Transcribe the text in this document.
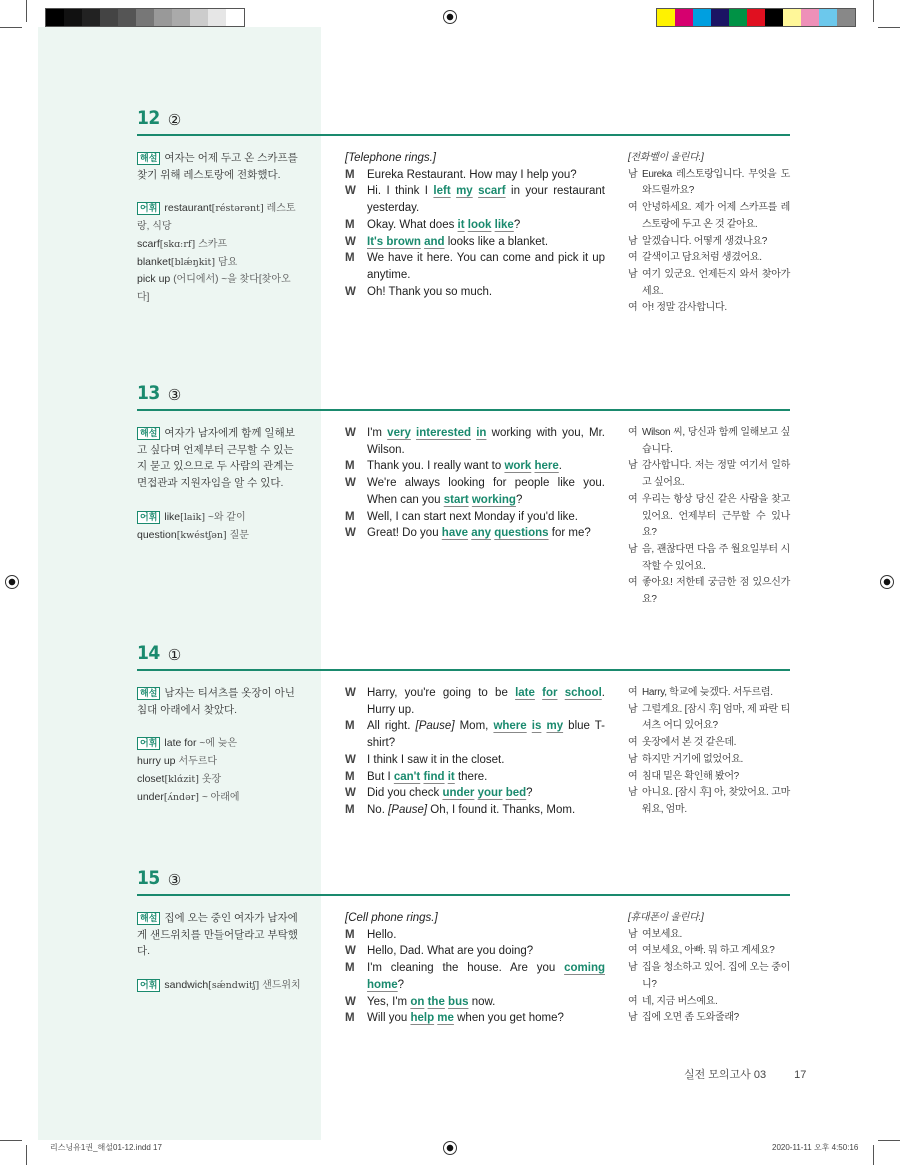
12 ②
해설 여자는 어제 두고 온 스카프를 찾기 위해 레스토랑에 전화했다.
어휘 restaurant[réstərənt] 레스토랑, 식당
scarf[skɑːrf] 스카프
blanket[blǽŋkit] 담요
pick up (어디에서) ~을 찾다[찾아오다]
[Telephone rings.]
M	Eureka Restaurant. How may I help you?
W Hi. I think I left my scarf in your restaurant yesterday.
M	Okay. What does it look like?
W It's brown and looks like a blanket.
M	We have it here. You can come and pick it up anytime.
W Oh! Thank you so much.
[전화벨이 울린다.]
남 Eureka 레스토랑입니다. 무엇을 도와드릴까요?
여 안녕하세요. 제가 어제 스카프를 레스토랑에 두고 온 것 같아요.
남 알겠습니다. 어떻게 생겼나요?
여 갈색이고 담요처럼 생겼어요.
남 여기 있군요. 언제든지 와서 찾아가세요.
여 아! 정말 감사합니다.
13 ③
해설 여자가 남자에게 함께 일해보고 싶다며 언제부터 근무할 수 있는지 묻고 있으므로 두 사람의 관계는 면접관과 지원자임을 알 수 있다.
어휘 like[laik] ~와 같이
question[kwéstʃən] 질문
W I'm very interested in working with you, Mr. Wilson.
M	Thank you. I really want to work here.
W We're always looking for people like you. When can you start working?
M	Well, I can start next Monday if you'd like.
W Great! Do you have any questions for me?
여 Wilson 씨, 당신과 함께 일해보고 싶습니다.
남 감사합니다. 저는 정말 여기서 일하고 싶어요.
여 우리는 항상 당신 같은 사람을 찾고 있어요. 언제부터 근무할 수 있나요?
남 음, 괜찮다면 다음 주 월요일부터 시작할 수 있어요.
여 좋아요! 저한테 궁금한 점 있으신가요?
14 ①
해설 남자는 티셔츠를 옷장이 아닌 침대 아래에서 찾았다.
어휘 late for ~에 늦은
hurry up 서두르다
closet[klάzit] 옷장
under[ʌ́ndər] ~ 아래에
W Harry, you're going to be late for school. Hurry up.
M	All right. [Pause] Mom, where is my blue T-shirt?
W I think I saw it in the closet.
M	But I can't find it there.
W Did you check under your bed?
M	No. [Pause] Oh, I found it. Thanks, Mom.
여 Harry, 학교에 늦겠다. 서두르렴.
남 그럴게요. [잠시 후] 엄마, 제 파란 티셔츠 어디 있어요?
여 옷장에서 본 것 같은데.
남 하지만 거기에 없었어요.
여 침대 밑은 확인해 봤어?
남 아니요. [잠시 후] 아, 찾았어요. 고마워요, 엄마.
15 ③
해설 집에 오는 중인 여자가 남자에게 샌드위치를 만들어달라고 부탁했다.
어휘 sandwich[sǽndwitʃ] 샌드위치
[Cell phone rings.]
M	Hello.
W Hello, Dad. What are you doing?
M	I'm cleaning the house. Are you coming home?
W Yes, I'm on the bus now.
M	Will you help me when you get home?
[휴대폰이 울린다.]
남 여보세요.
여 여보세요, 아빠. 뭐 하고 계세요?
남 집을 청소하고 있어. 집에 오는 중이니?
여 네, 지금 버스예요.
남 집에 오면 좀 도와줄래?
실전 모의고사 03	17
리스닝유1권_해설01-12.indd 17	2020-11-11 오후 4:50:16
